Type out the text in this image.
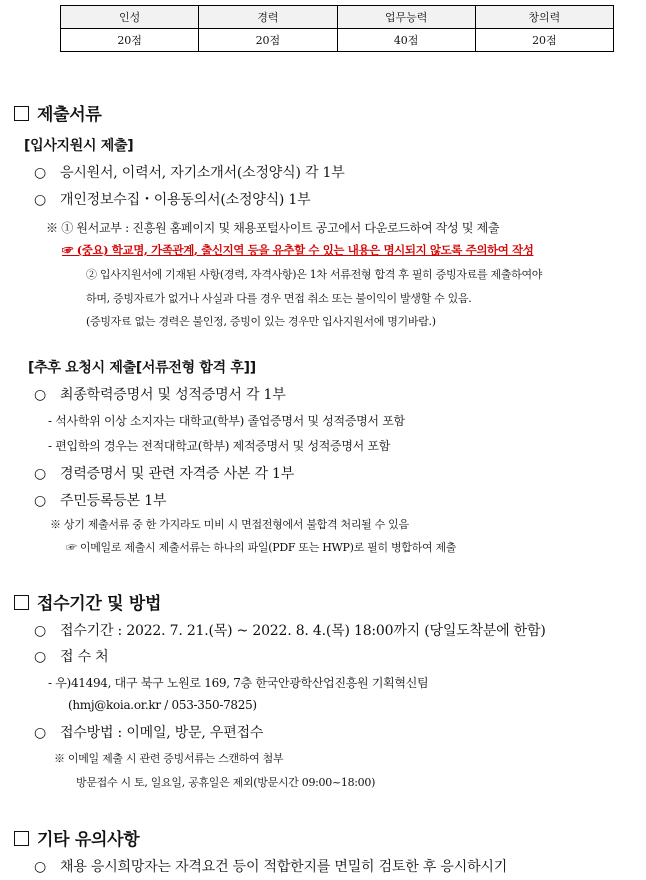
인성	경력	업무능력	창의력
20점	20점	40점	20점
제출서류
[입사지원시 제출]
○ 응시원서, 이력서, 자기소개서(소정양식) 각 1부
○ 개인정보수집・이용동의서(소정양식) 1부
※ ① 원서교부 : 진흥원 홈페이지 및 채용포털사이트 공고에서 다운로드하여 작성 및 제출
☞ (중요) 학교명, 가족관계, 출신지역 등을 유추할 수 있는 내용은 명시되지 않도록 주의하여 작성
② 입사지원서에 기재된 사항(경력, 자격사항)은 1차 서류전형 합격 후 필히 증빙자료를 제출하여야
하며, 증빙자료가 없거나 사실과 다를 경우 면접 취소 또는 불이익이 발생할 수 있음.
(증빙자료 없는 경력은 불인정, 증빙이 있는 경우만 입사지원서에 명기바람.)
[추후 요청시 제출[서류전형 합격 후]]
○ 최종학력증명서 및 성적증명서 각 1부
- 석사학위 이상 소지자는 대학교(학부) 졸업증명서 및 성적증명서 포함
- 편입학의 경우는 전적대학교(학부) 제적증명서 및 성적증명서 포함
○ 경력증명서 및 관련 자격증 사본 각 1부
○ 주민등록등본 1부
※ 상기 제출서류 중 한 가지라도 미비 시 면접전형에서 불합격 처리될 수 있음
☞ 이메일로 제출시 제출서류는 하나의 파일(PDF 또는 HWP)로 필히 병합하여 제출
접수기간 및 방법
○ 접수기간 : 2022. 7. 21.(목) ~ 2022. 8. 4.(목) 18:00까지 (당일도착분에 한함)
○ 접 수 처
- 우)41494, 대구 북구 노원로 169, 7층 한국안광학산업진흥원 기획혁신팀
(hmj@koia.or.kr / 053-350-7825)
○ 접수방법 : 이메일, 방문, 우편접수
※ 이메일 제출 시 관련 증빙서류는 스캔하여 첨부
방문접수 시 토, 일요일, 공휴일은 제외(방문시간 09:00~18:00)
기타 유의사항
○ 채용 응시희망자는 자격요건 등이 적합한지를 면밀히 검토한 후 응시하시기
